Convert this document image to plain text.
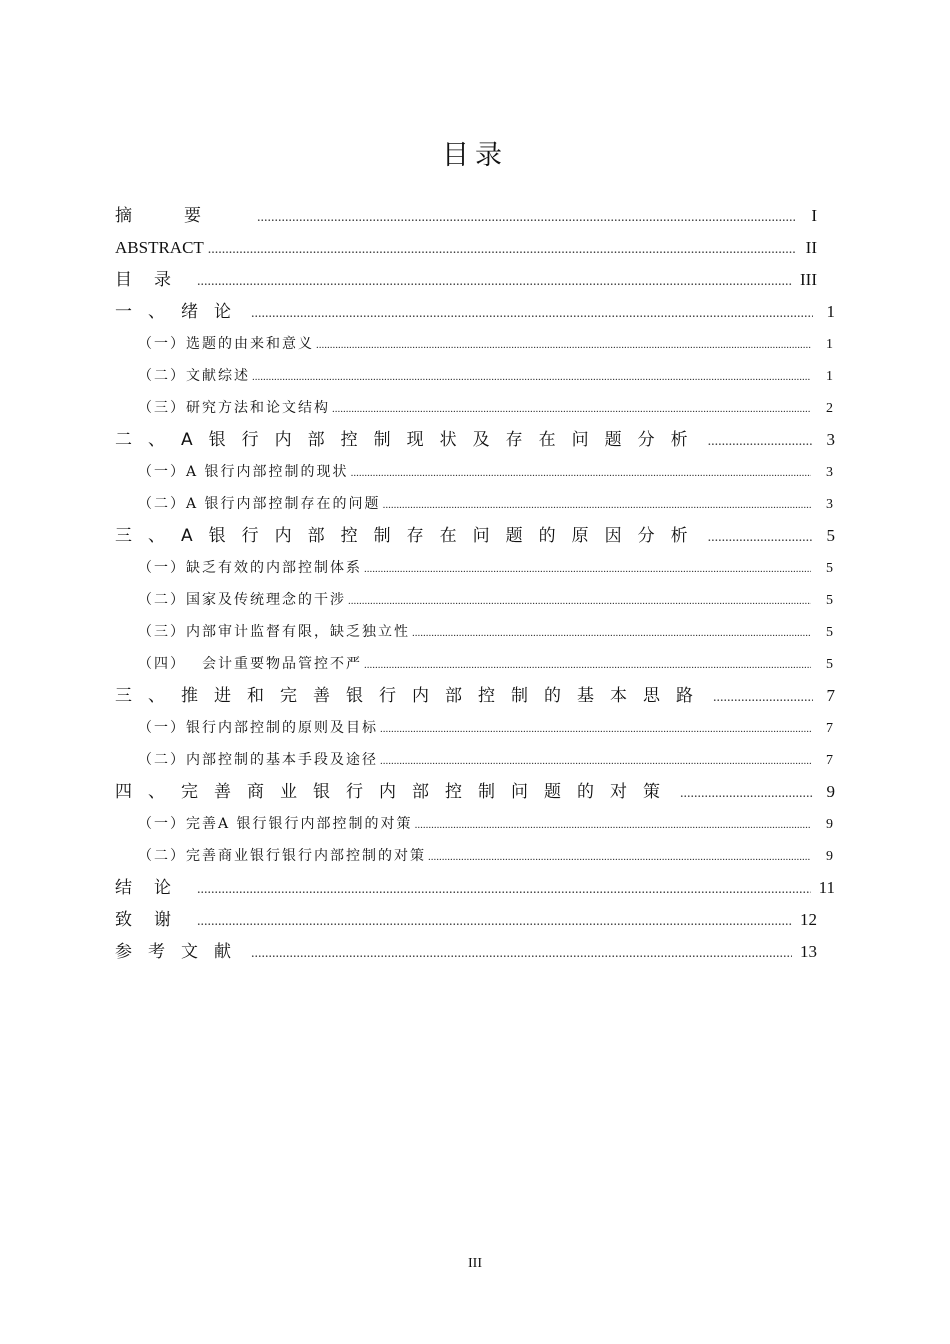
目录
摘要 .....	I
ABSTRACT .....	II
目录 .....	III
一、绪论 .....	1
（一）选题的由来和意义 .....	1
（二）文献综述 .....	1
（三）研究方法和论文结构 .....	2
二、A银行内部控制现状及存在问题分析 .....	3
（一）A 银行内部控制的现状 .....	3
（二）A 银行内部控制存在的问题 .....	3
三、A银行内部控制存在问题的原因分析 .....	5
（一）缺乏有效的内部控制体系 .....	5
（二）国家及传统理念的干涉 .....	5
（三）内部审计监督有限，缺乏独立性 .....	5
（四） 会计重要物品管控不严 .....	5
三、推进和完善银行内部控制的基本思路 .....	7
（一）银行内部控制的原则及目标 .....	7
（二）内部控制的基本手段及途径 .....	7
四、完善商业银行内部控制问题的对策 .....	9
（一）完善A 银行银行内部控制的对策 .....	9
（二）完善商业银行银行内部控制的对策 .....	9
结论 .....	11
致谢 .....	12
参考文献 .....	13
III
